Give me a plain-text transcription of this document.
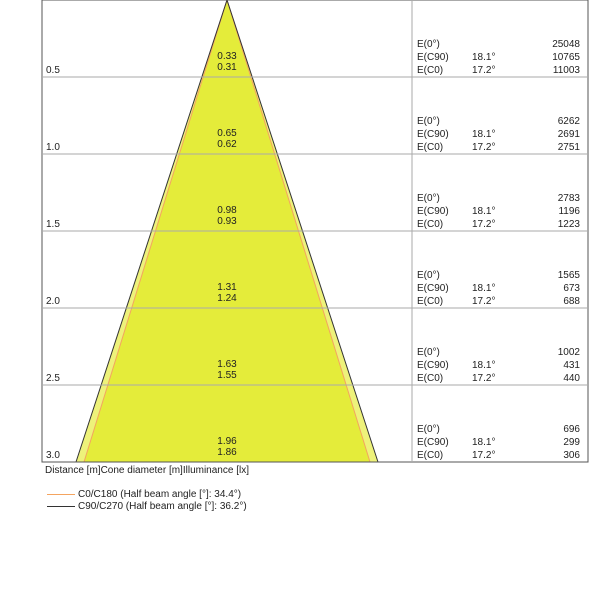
0.5
0.33
0.31
E(0°)
E(C90)
E(C0)
18.1°
17.2°
25048
10765
11003
1.0
0.65
0.62
E(0°)
E(C90)
E(C0)
18.1°
17.2°
6262
2691
2751
1.5
0.98
0.93
E(0°)
E(C90)
E(C0)
18.1°
17.2°
2783
1196
1223
2.0
1.31
1.24
E(0°)
E(C90)
E(C0)
18.1°
17.2°
1565
673
688
2.5
1.63
1.55
E(0°)
E(C90)
E(C0)
18.1°
17.2°
1002
431
440
3.0
1.96
1.86
E(0°)
E(C90)
E(C0)
18.1°
17.2°
696
299
306
Distance [m]Cone diameter [m]Illuminance [lx]
C0/C180 (Half beam angle [°]: 34.4°)
C90/C270 (Half beam angle [°]: 36.2°)
